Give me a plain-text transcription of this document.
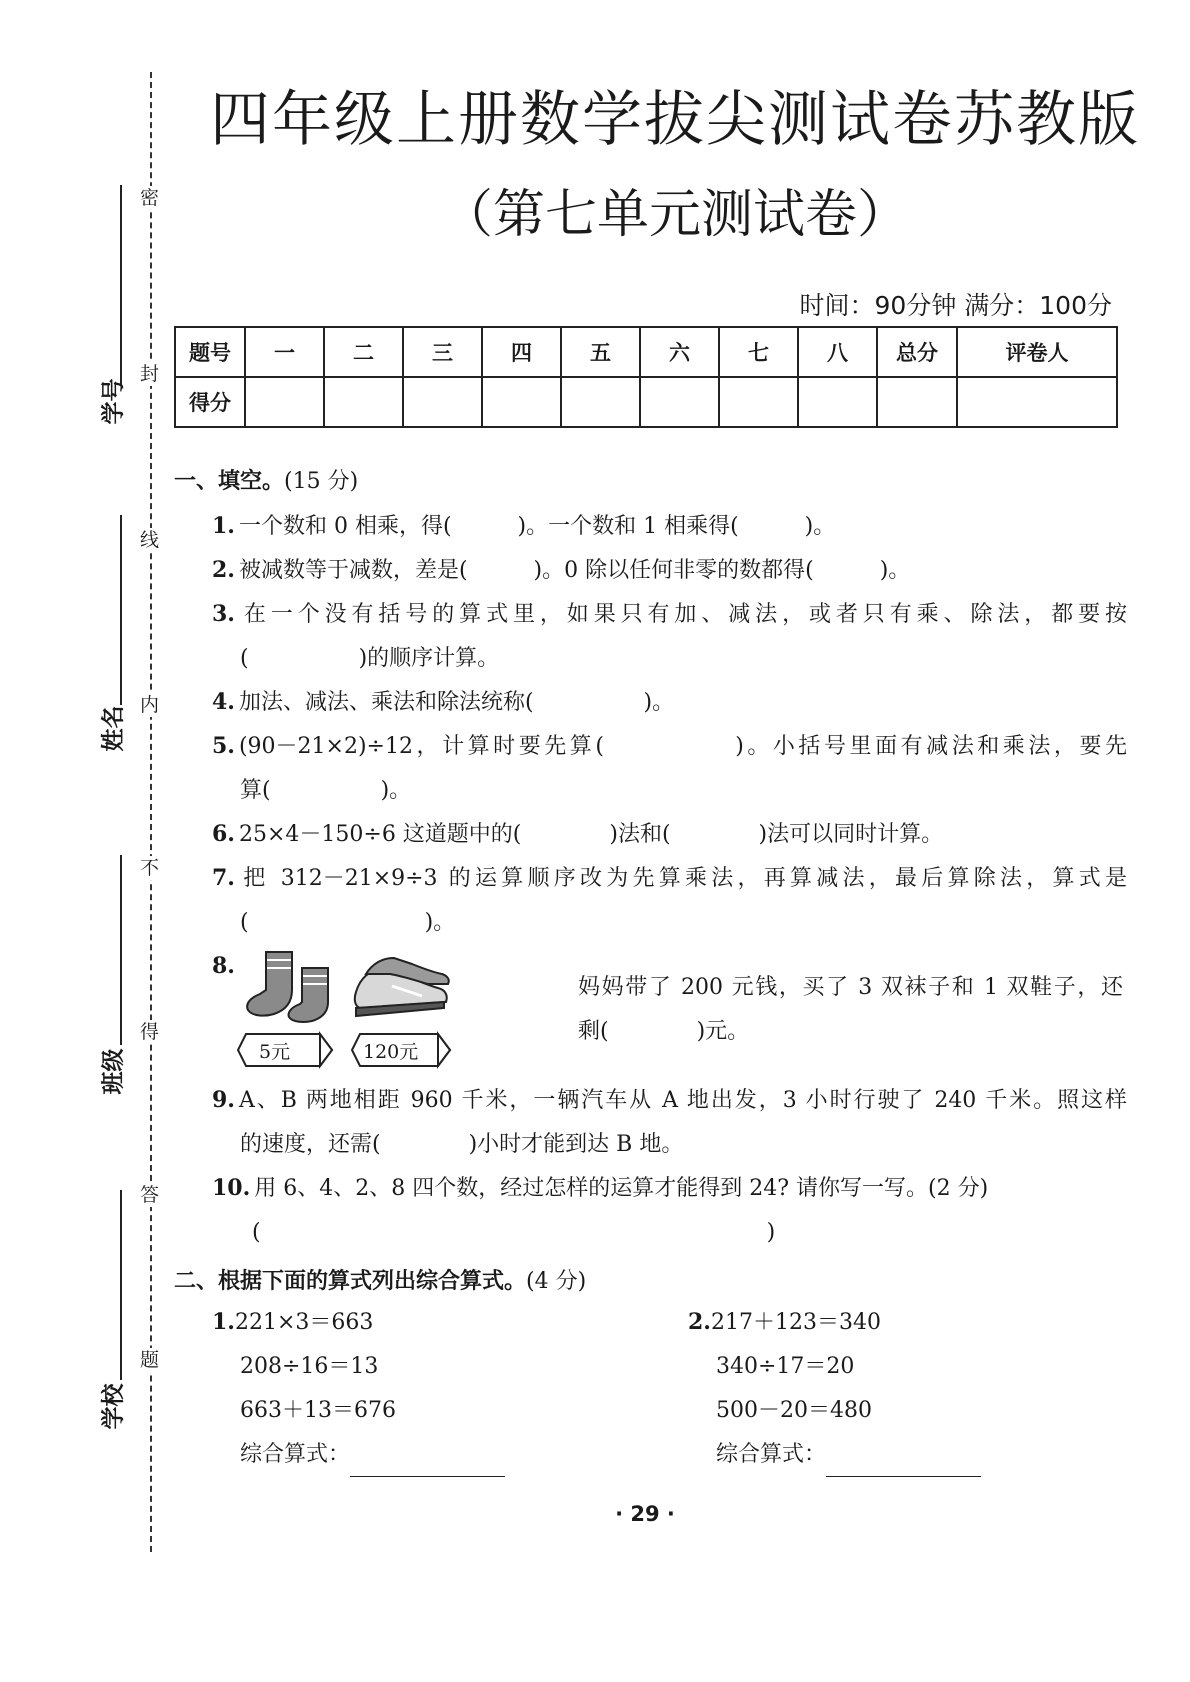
密
封
线
内
不
得
答
题
学号
姓名
班级
学校
四年级上册数学拔尖测试卷苏教版
（第七单元测试卷）
时间：90分钟 满分：100分
题号	一	二	三	四	五	六	七	八	总分	评卷人
得分										
一、填空。(15 分)
1. 一个数和 0 相乘，得(　　　)。一个数和 1 相乘得(　　　)。
2. 被减数等于减数，差是(　　　)。0 除以任何非零的数都得(　　　)。
3. 在一个没有括号的算式里，如果只有加、减法，或者只有乘、除法，都要按
(　　　　　)的顺序计算。
4. 加法、减法、乘法和除法统称(　　　　　)。
5. (90－21×2)÷12，计算时要先算(　　　　　)。小括号里面有减法和乘法，要先
算(　　　　　)。
6. 25×4－150÷6 这道题中的(　　　　)法和(　　　　)法可以同时计算。
7. 把 312－21×9÷3 的运算顺序改为先算乘法，再算减法，最后算除法，算式是
(　　　　　　　　)。
8.
5元	120元
妈妈带了 200 元钱，买了 3 双袜子和 1 双鞋子，还
剩(　　　　)元。
9. A、B 两地相距 960 千米，一辆汽车从 A 地出发，3 小时行驶了 240 千米。照这样
的速度，还需(　　　　)小时才能到达 B 地。
10. 用 6、4、2、8 四个数，经过怎样的运算才能得到 24? 请你写一写。(2 分)
(　　　　　　　　　　　　　　　　　　　　　　　)
二、根据下面的算式列出综合算式。(4 分)
1.221×3＝663
208÷16＝13
663＋13＝676
综合算式：
2.217＋123＝340
340÷17＝20
500－20＝480
综合算式：
· 29 ·
